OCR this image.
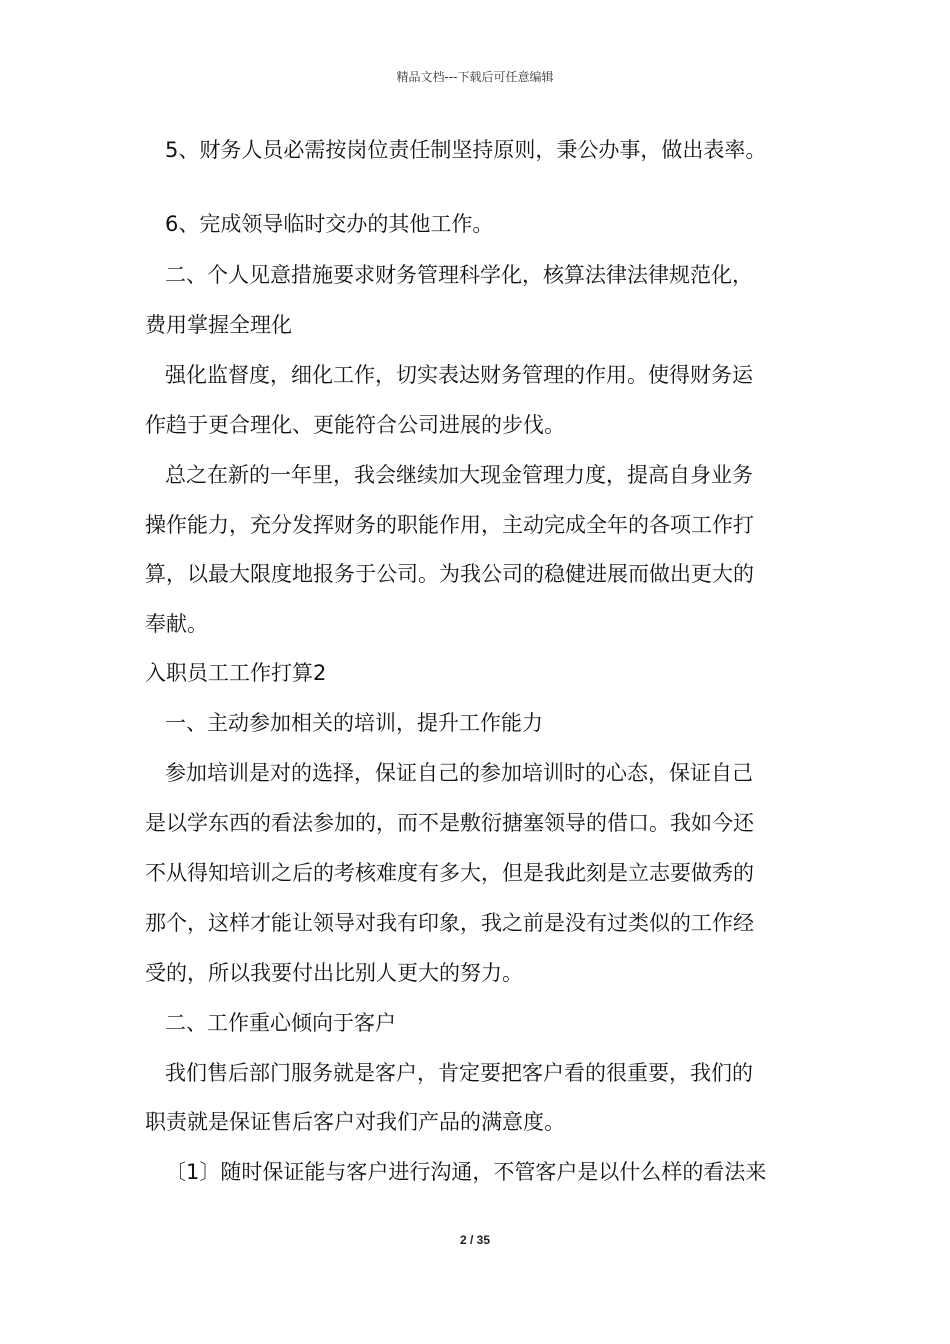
精品文档---下载后可任意编辑
5、财务人员必需按岗位责任制坚持原则，秉公办事，做出表率。
6、完成领导临时交办的其他工作。
二、个人见意措施要求财务管理科学化，核算法律法律规范化，
费用掌握全理化
强化监督度，细化工作，切实表达财务管理的作用。使得财务运
作趋于更合理化、更能符合公司进展的步伐。
总之在新的一年里，我会继续加大现金管理力度，提高自身业务
操作能力，充分发挥财务的职能作用，主动完成全年的各项工作打
算，以最大限度地报务于公司。为我公司的稳健进展而做出更大的
奉献。
入职员工工作打算2
一、主动参加相关的培训，提升工作能力
参加培训是对的选择，保证自己的参加培训时的心态，保证自己
是以学东西的看法参加的，而不是敷衍搪塞领导的借口。我如今还
不从得知培训之后的考核难度有多大，但是我此刻是立志要做秀的
那个，这样才能让领导对我有印象，我之前是没有过类似的工作经
受的，所以我要付出比别人更大的努力。
二、工作重心倾向于客户
我们售后部门服务就是客户，肯定要把客户看的很重要，我们的
职责就是保证售后客户对我们产品的满意度。
〔1〕随时保证能与客户进行沟通，不管客户是以什么样的看法来
2 / 35
